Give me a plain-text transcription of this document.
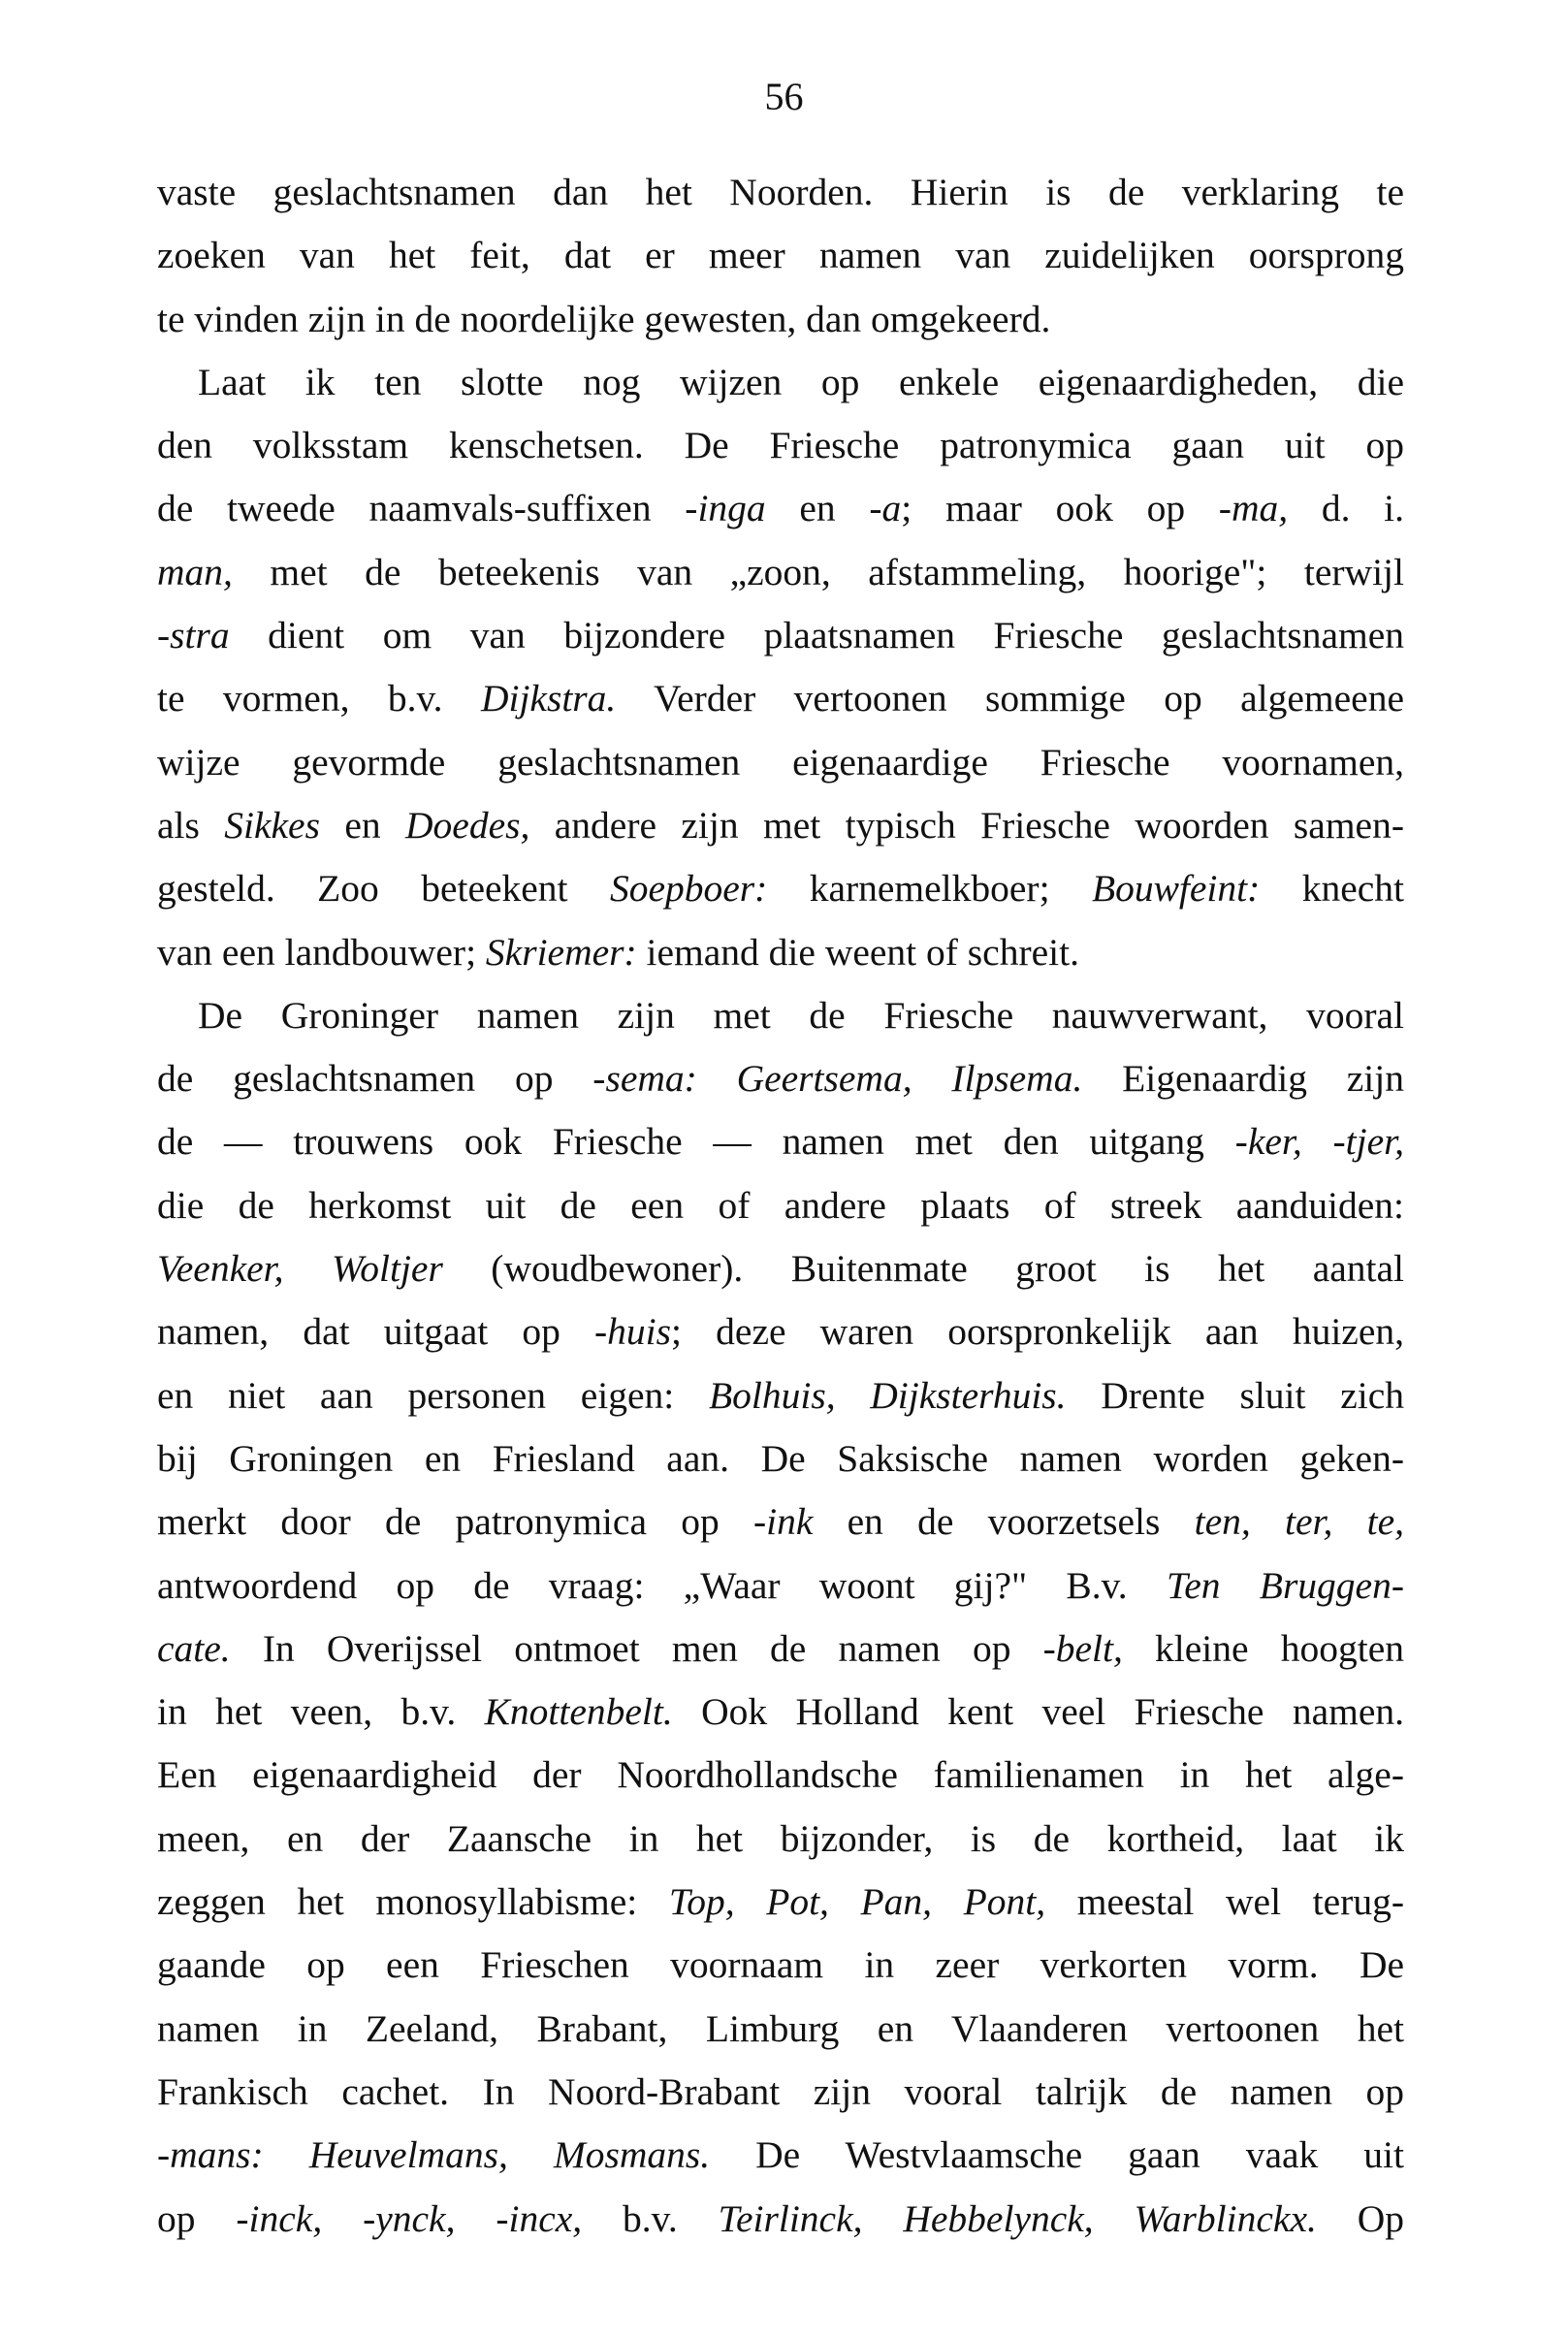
56
vaste geslachtsnamen dan het Noorden. Hierin is de verklaring te
zoeken van het feit, dat er meer namen van zuidelijken oorsprong
te vinden zijn in de noordelijke gewesten, dan omgekeerd.
Laat ik ten slotte nog wijzen op enkele eigenaardigheden, die
den volksstam kenschetsen. De Friesche patronymica gaan uit op
de tweede naamvals-suffixen -inga en -a; maar ook op -ma, d. i.
man, met de beteekenis van „zoon, afstammeling, hoorige"; terwijl
-stra dient om van bijzondere plaatsnamen Friesche geslachtsnamen
te vormen, b.v. Dijkstra. Verder vertoonen sommige op algemeene
wijze gevormde geslachtsnamen eigenaardige Friesche voornamen,
als Sikkes en Doedes, andere zijn met typisch Friesche woorden samen-
gesteld. Zoo beteekent Soepboer: karnemelkboer; Bouwfeint: knecht
van een landbouwer; Skriemer: iemand die weent of schreit.
De Groninger namen zijn met de Friesche nauwverwant, vooral
de geslachtsnamen op -sema: Geertsema, Ilpsema. Eigenaardig zijn
de — trouwens ook Friesche — namen met den uitgang -ker, -tjer,
die de herkomst uit de een of andere plaats of streek aanduiden:
Veenker, Woltjer (woudbewoner). Buitenmate groot is het aantal
namen, dat uitgaat op -huis; deze waren oorspronkelijk aan huizen,
en niet aan personen eigen: Bolhuis, Dijksterhuis. Drente sluit zich
bij Groningen en Friesland aan. De Saksische namen worden geken-
merkt door de patronymica op -ink en de voorzetsels ten, ter, te,
antwoordend op de vraag: „Waar woont gij?" B.v. Ten Bruggen-
cate. In Overijssel ontmoet men de namen op -belt, kleine hoogten
in het veen, b.v. Knottenbelt. Ook Holland kent veel Friesche namen.
Een eigenaardigheid der Noordhollandsche familienamen in het alge-
meen, en der Zaansche in het bijzonder, is de kortheid, laat ik
zeggen het monosyllabisme: Top, Pot, Pan, Pont, meestal wel terug-
gaande op een Frieschen voornaam in zeer verkorten vorm. De
namen in Zeeland, Brabant, Limburg en Vlaanderen vertoonen het
Frankisch cachet. In Noord-Brabant zijn vooral talrijk de namen op
-mans: Heuvelmans, Mosmans. De Westvlaamsche gaan vaak uit
op -inck, -ynck, -incx, b.v. Teirlinck, Hebbelynck, Warblinckx. Op
